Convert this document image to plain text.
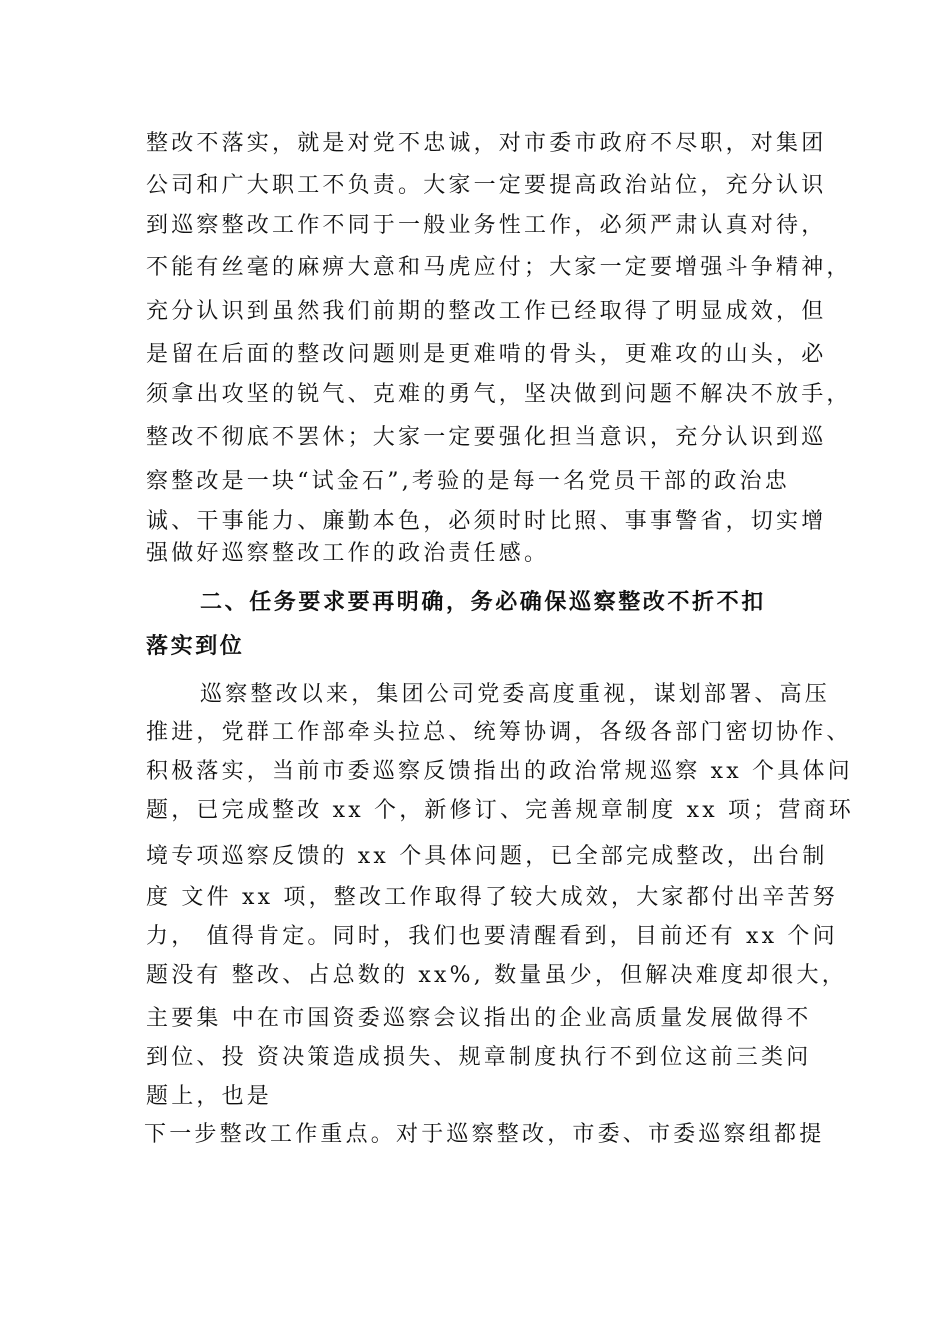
整改不落实，就是对党不忠诚，对市委市政府不尽职，对集团
公司和广大职工不负责。大家一定要提高政治站位，充分认识
到巡察整改工作不同于一般业务性工作，必须严肃认真对待，
不能有丝毫的麻痹大意和马虎应付；大家一定要增强斗争精神，
充分认识到虽然我们前期的整改工作已经取得了明显成效，但
是留在后面的整改问题则是更难啃的骨头，更难攻的山头，必
须拿出攻坚的锐气、克难的勇气，坚决做到问题不解决不放手，
整改不彻底不罢休；大家一定要强化担当意识，充分认识到巡
察整改是一块“试金石”,考验的是每一名党员干部的政治忠
诚、干事能力、廉勤本色，必须时时比照、事事警省，切实增
强做好巡察整改工作的政治责任感。
二、任务要求要再明确，务必确保巡察整改不折不扣
落实到位
巡察整改以来，集团公司党委高度重视，谋划部署、高压
推进，党群工作部牵头拉总、统筹协调，各级各部门密切协作、
积极落实，当前市委巡察反馈指出的政治常规巡察 xx 个具体问
题，已完成整改 xx 个，新修订、完善规章制度 xx 项；营商环
境专项巡察反馈的 xx 个具体问题，已全部完成整改，出台制
度 文件 xx 项，整改工作取得了较大成效，大家都付出辛苦努
力， 值得肯定。同时，我们也要清醒看到，目前还有 xx 个问
题没有 整改、占总数的 xx%, 数量虽少，但解决难度却很大，
主要集 中在市国资委巡察会议指出的企业高质量发展做得不
到位、投 资决策造成损失、规章制度执行不到位这前三类问
题上，也是
下一步整改工作重点。对于巡察整改，市委、市委巡察组都提
